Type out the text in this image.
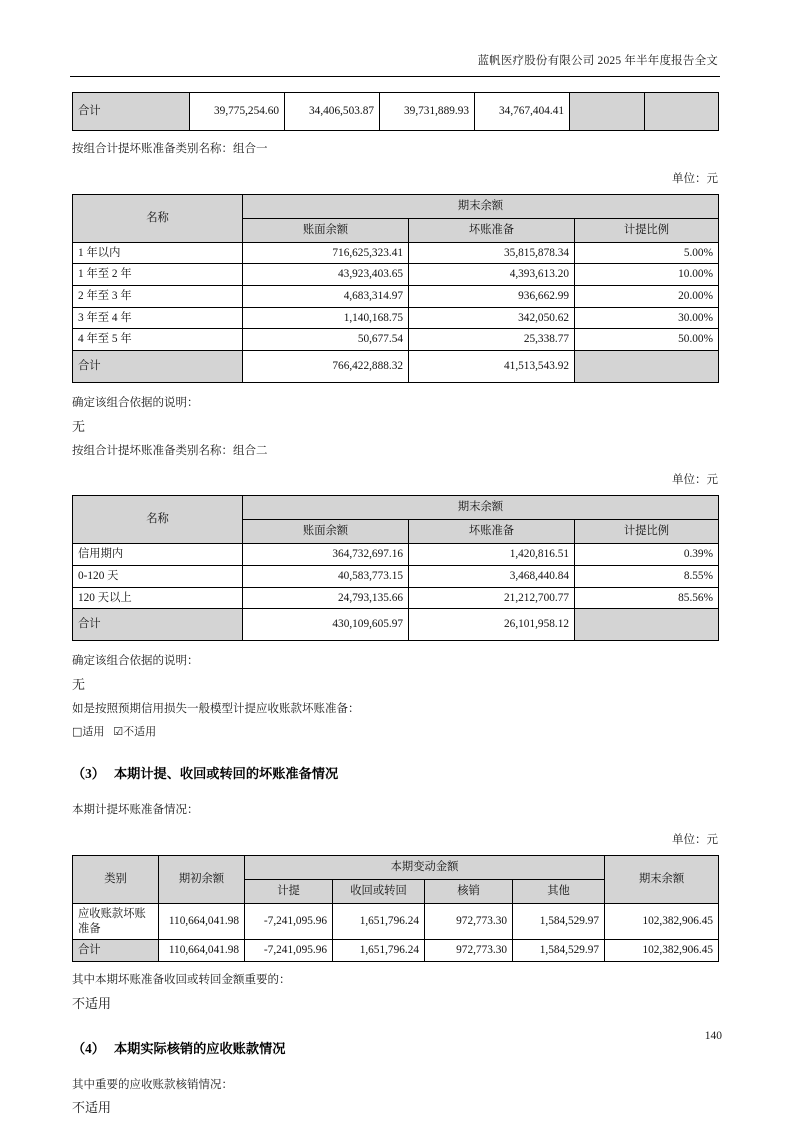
蓝帆医疗股份有限公司 2025 年半年度报告全文
合计	39,775,254.60	34,406,503.87	39,731,889.93	34,767,404.41		
按组合计提坏账准备类别名称：组合一
单位：元
名称	期末余额		
	账面余额	坏账准备	计提比例
1 年以内	716,625,323.41	35,815,878.34	5.00%
1 年至 2 年	43,923,403.65	4,393,613.20	10.00%
2 年至 3 年	4,683,314.97	936,662.99	20.00%
3 年至 4 年	1,140,168.75	342,050.62	30.00%
4 年至 5 年	50,677.54	25,338.77	50.00%
合计	766,422,888.32	41,513,543.92	
确定该组合依据的说明：
无
按组合计提坏账准备类别名称：组合二
单位：元
名称	期末余额		
	账面余额	坏账准备	计提比例
信用期内	364,732,697.16	1,420,816.51	0.39%
0-120 天	40,583,773.15	3,468,440.84	8.55%
120 天以上	24,793,135.66	21,212,700.77	85.56%
合计	430,109,605.97	26,101,958.12	
确定该组合依据的说明：
无
如是按照预期信用损失一般模型计提应收账款坏账准备：
□适用 ☑不适用
（3） 本期计提、收回或转回的坏账准备情况
本期计提坏账准备情况：
单位：元
类别	期初余额	本期变动金额				期末余额
		计提	收回或转回	核销	其他	
应收账款坏账准备	110,664,041.98	-7,241,095.96	1,651,796.24	972,773.30	1,584,529.97	102,382,906.45
合计	110,664,041.98	-7,241,095.96	1,651,796.24	972,773.30	1,584,529.97	102,382,906.45
其中本期坏账准备收回或转回金额重要的：
不适用
（4） 本期实际核销的应收账款情况
其中重要的应收账款核销情况：
不适用
140
